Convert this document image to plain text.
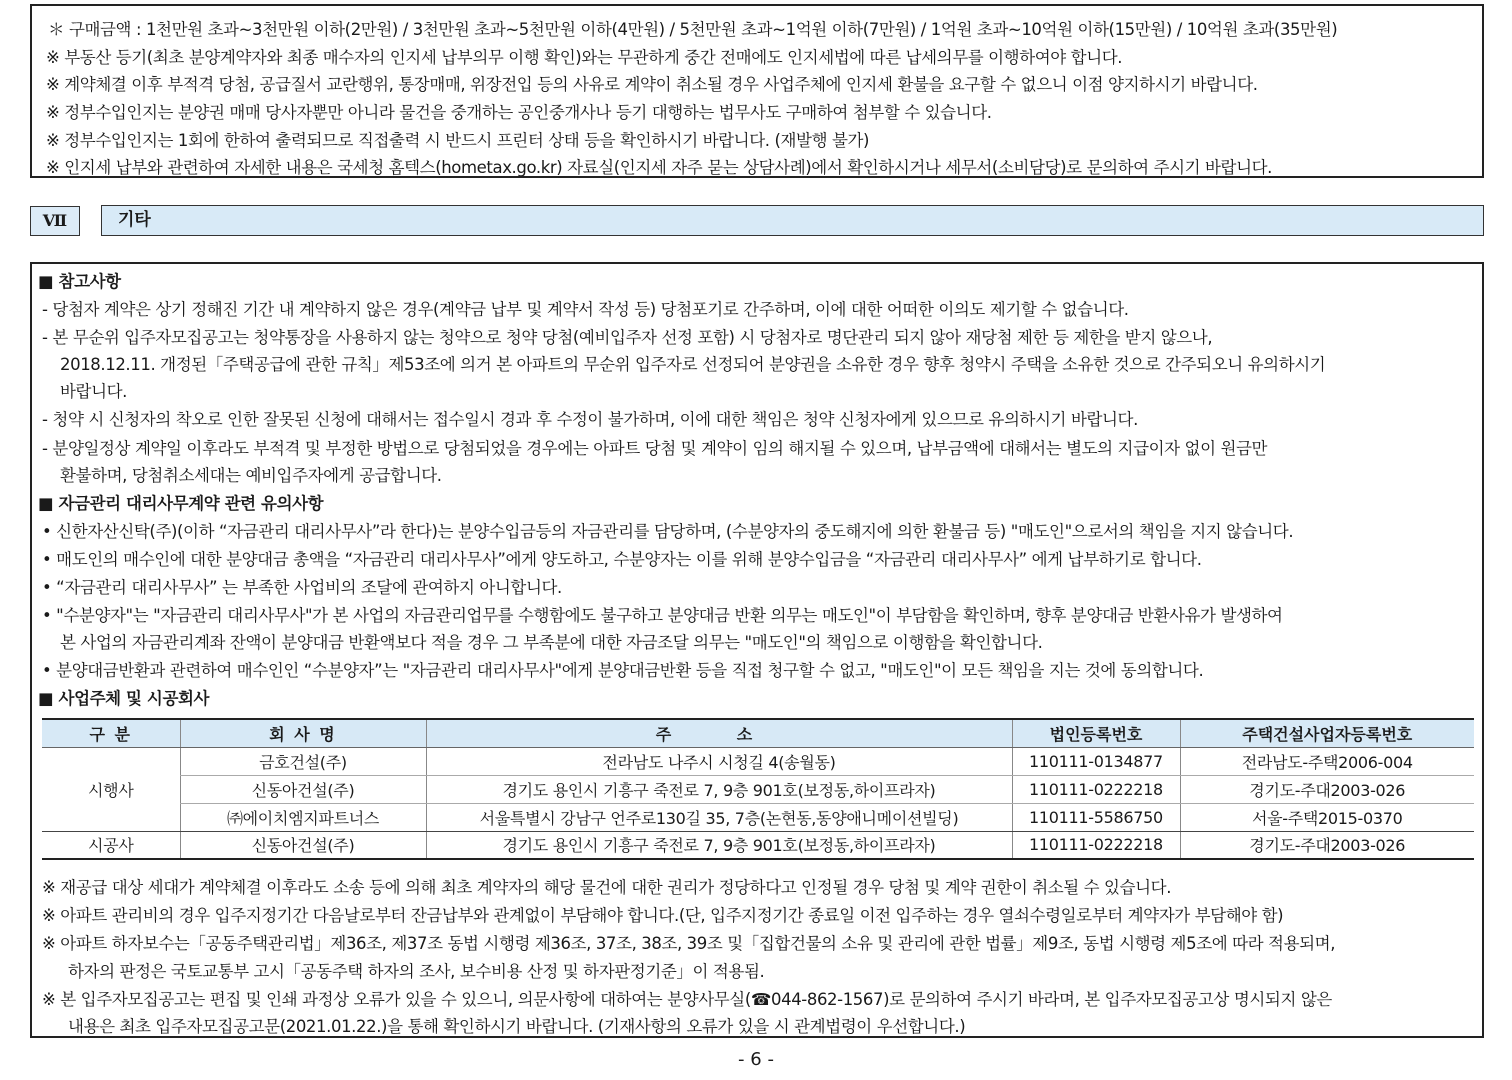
＊ 구매금액 : 1천만원 초과~3천만원 이하(2만원) / 3천만원 초과~5천만원 이하(4만원) / 5천만원 초과~1억원 이하(7만원) / 1억원 초과~10억원 이하(15만원) / 10억원 초과(35만원)
※ 부동산 등기(최초 분양계약자와 최종 매수자의 인지세 납부의무 이행 확인)와는 무관하게 중간 전매에도 인지세법에 따른 납세의무를 이행하여야 합니다.
※ 계약체결 이후 부적격 당첨, 공급질서 교란행위, 통장매매, 위장전입 등의 사유로 계약이 취소될 경우 사업주체에 인지세 환불을 요구할 수 없으니 이점 양지하시기 바랍니다.
※ 정부수입인지는 분양권 매매 당사자뿐만 아니라 물건을 중개하는 공인중개사나 등기 대행하는 법무사도 구매하여 첨부할 수 있습니다.
※ 정부수입인지는 1회에 한하여 출력되므로 직접출력 시 반드시 프린터 상태 등을 확인하시기 바랍니다. (재발행 불가)
※ 인지세 납부와 관련하여 자세한 내용은 국세청 홈텍스(hometax.go.kr) 자료실(인지세 자주 묻는 상담사례)에서 확인하시거나 세무서(소비담당)로 문의하여 주시기 바랍니다.
Ⅶ	기타
■ 참고사항
- 당첨자 계약은 상기 정해진 기간 내 계약하지 않은 경우(계약금 납부 및 계약서 작성 등) 당첨포기로 간주하며, 이에 대한 어떠한 이의도 제기할 수 없습니다.
- 본 무순위 입주자모집공고는 청약통장을 사용하지 않는 청약으로 청약 당첨(예비입주자 선정 포함) 시 당첨자로 명단관리 되지 않아 재당첨 제한 등 제한을 받지 않으나,
2018.12.11. 개정된「주택공급에 관한 규칙」제53조에 의거 본 아파트의 무순위 입주자로 선정되어 분양권을 소유한 경우 향후 청약시 주택을 소유한 것으로 간주되오니 유의하시기
바랍니다.
- 청약 시 신청자의 착오로 인한 잘못된 신청에 대해서는 접수일시 경과 후 수정이 불가하며, 이에 대한 책임은 청약 신청자에게 있으므로 유의하시기 바랍니다.
- 분양일정상 계약일 이후라도 부적격 및 부정한 방법으로 당첨되었을 경우에는 아파트 당첨 및 계약이 임의 해지될 수 있으며, 납부금액에 대해서는 별도의 지급이자 없이 원금만
환불하며, 당첨취소세대는 예비입주자에게 공급합니다.
■ 자금관리 대리사무계약 관련 유의사항
• 신한자산신탁(주)(이하 “자금관리 대리사무사”라 한다)는 분양수입금등의 자금관리를 담당하며, (수분양자의 중도해지에 의한 환불금 등) "매도인"으로서의 책임을 지지 않습니다.
• 매도인의 매수인에 대한 분양대금 총액을 “자금관리 대리사무사”에게 양도하고, 수분양자는 이를 위해 분양수입금을 “자금관리 대리사무사” 에게 납부하기로 합니다.
• “자금관리 대리사무사” 는 부족한 사업비의 조달에 관여하지 아니합니다.
• "수분양자"는 "자금관리 대리사무사"가 본 사업의 자금관리업무를 수행함에도 불구하고 분양대금 반환 의무는 매도인"이 부담함을 확인하며, 향후 분양대금 반환사유가 발생하여
본 사업의 자금관리계좌 잔액이 분양대금 반환액보다 적을 경우 그 부족분에 대한 자금조달 의무는 "매도인"의 책임으로 이행함을 확인합니다.
• 분양대금반환과 관련하여 매수인인 “수분양자”는 "자금관리 대리사무사"에게 분양대금반환 등을 직접 청구할 수 없고, "매도인"이 모든 책임을 지는 것에 동의합니다.
■ 사업주체 및 시공회사
구 분	회 사 명	주 소	법인등록번호	주택건설사업자등록번호
시행사	금호건설(주)	전라남도 나주시 시청길 4(송월동)	110111-0134877	전라남도-주택2006-004
	신동아건설(주)	경기도 용인시 기흥구 죽전로 7, 9층 901호(보정동,하이프라자)	110111-0222218	경기도-주대2003-026
	㈜에이치엠지파트너스	서울특별시 강남구 언주로130길 35, 7층(논현동,동양애니메이션빌딩)	110111-5586750	서울-주택2015-0370
시공사	신동아건설(주)	경기도 용인시 기흥구 죽전로 7, 9층 901호(보정동,하이프라자)	110111-0222218	경기도-주대2003-026
※ 재공급 대상 세대가 계약체결 이후라도 소송 등에 의해 최초 계약자의 해당 물건에 대한 권리가 정당하다고 인정될 경우 당첨 및 계약 권한이 취소될 수 있습니다.
※ 아파트 관리비의 경우 입주지정기간 다음날로부터 잔금납부와 관계없이 부담해야 합니다.(단, 입주지정기간 종료일 이전 입주하는 경우 열쇠수령일로부터 계약자가 부담해야 함)
※ 아파트 하자보수는「공동주택관리법」제36조, 제37조 동법 시행령 제36조, 37조, 38조, 39조 및「집합건물의 소유 및 관리에 관한 법률」제9조, 동법 시행령 제5조에 따라 적용되며,
하자의 판정은 국토교통부 고시「공동주택 하자의 조사, 보수비용 산정 및 하자판정기준」이 적용됨.
※ 본 입주자모집공고는 편집 및 인쇄 과정상 오류가 있을 수 있으니, 의문사항에 대하여는 분양사무실(☎044-862-1567)로 문의하여 주시기 바라며, 본 입주자모집공고상 명시되지 않은
내용은 최초 입주자모집공고문(2021.01.22.)을 통해 확인하시기 바랍니다. (기재사항의 오류가 있을 시 관계법령이 우선합니다.)
- 6 -
